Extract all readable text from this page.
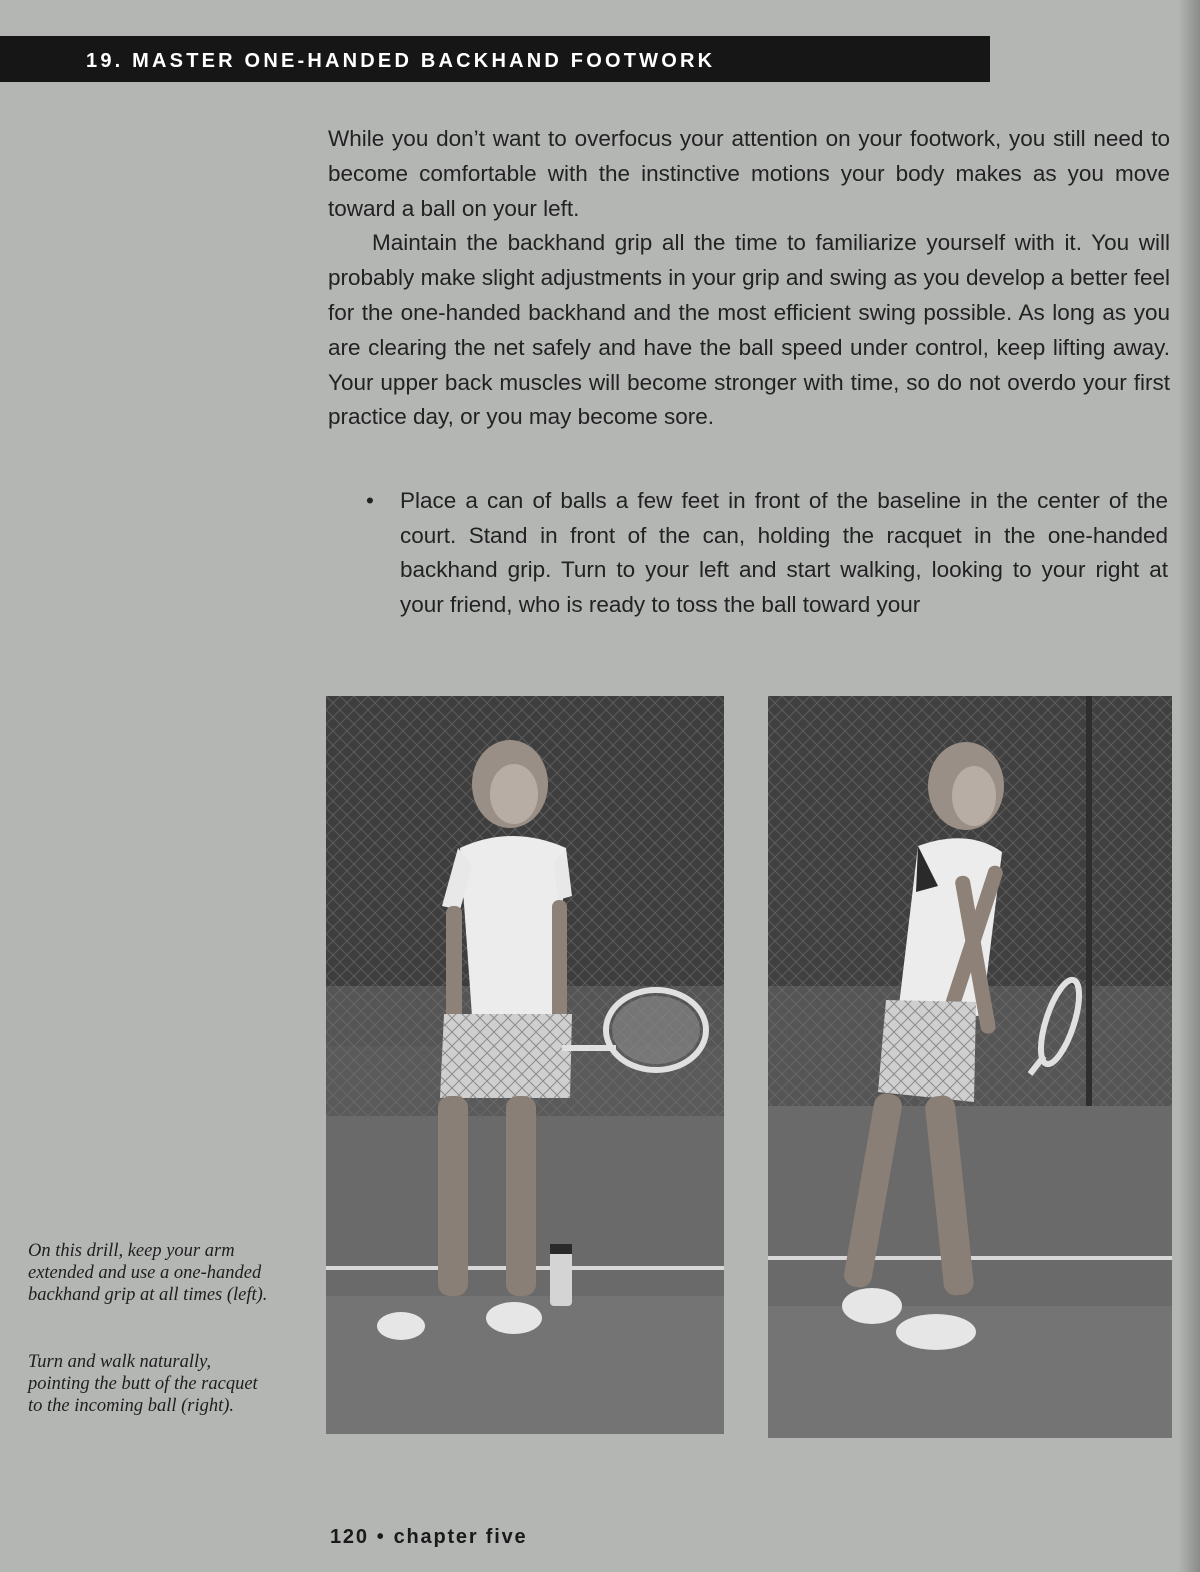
19. MASTER ONE-HANDED BACKHAND FOOTWORK

While you don’t want to overfocus your attention on your footwork, you still need to become comfortable with the instinctive motions your body makes as you move toward a ball on your left.

Maintain the backhand grip all the time to familiarize yourself with it. You will probably make slight adjustments in your grip and swing as you develop a better feel for the one-handed backhand and the most efficient swing possible. As long as you are clearing the net safely and have the ball speed under control, keep lifting away. Your upper back muscles will become stronger with time, so do not overdo your first practice day, or you may become sore.

•	Place a can of balls a few feet in front of the baseline in the center of the court. Stand in front of the can, holding the racquet in the one-handed backhand grip. Turn to your left and start walking, looking to your right at your friend, who is ready to toss the ball toward your
On this drill, keep your arm extended and use a one-handed backhand grip at all times (left).
Turn and walk naturally, pointing the butt of the racquet to the incoming ball (right).
120 • chapter five
